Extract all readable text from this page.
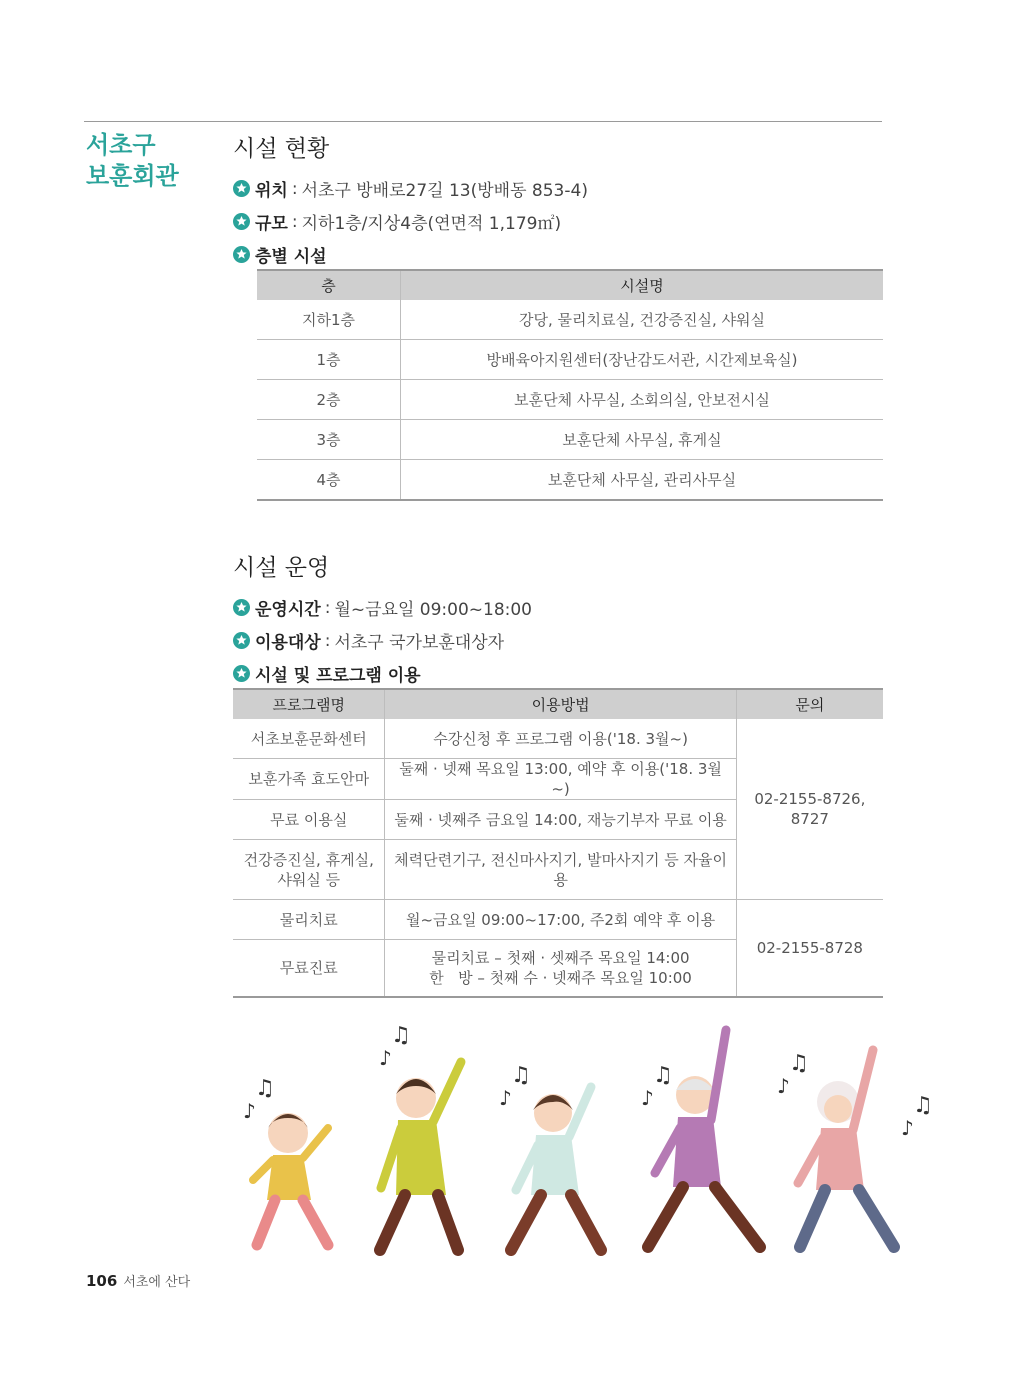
서초구
보훈회관
시설 현황
위치 : 서초구 방배로27길 13(방배동 853-4)
규모 : 지하1층/지상4층(연면적 1,179㎡)
층별 시설
층	시설명
지하1층	강당, 물리치료실, 건강증진실, 샤워실
1층	방배육아지원센터(장난감도서관, 시간제보육실)
2층	보훈단체 사무실, 소회의실, 안보전시실
3층	보훈단체 사무실, 휴게실
4층	보훈단체 사무실, 관리사무실
시설 운영
운영시간 : 월~금요일 09:00~18:00
이용대상 : 서초구 국가보훈대상자
시설 및 프로그램 이용
프로그램명	이용방법	문의
서초보훈문화센터	수강신청 후 프로그램 이용('18. 3월~)	02-2155-8726,
8727

보훈가족 효도안마	둘째 · 넷째 목요일 13:00, 예약 후 이용('18. 3월~)	
무료 이용실	둘째 · 넷째주 금요일 14:00, 재능기부자 무료 이용	

건강증진실, 휴게실,
샤워실 등	체력단련기구, 전신마사지기, 발마사지기 등 자율이용	
물리치료	월~금요일 09:00~17:00, 주2회 예약 후 이용	02-2155-8728
무료진료	물리치료 – 첫째 · 셋째주 목요일 14:00
한   방 – 첫째 수 · 넷째주 목요일 10:00	
♫
♪
♫
♪
♫
♪
♫
♪
♫
♪
♫
♪
106 서초에 산다
